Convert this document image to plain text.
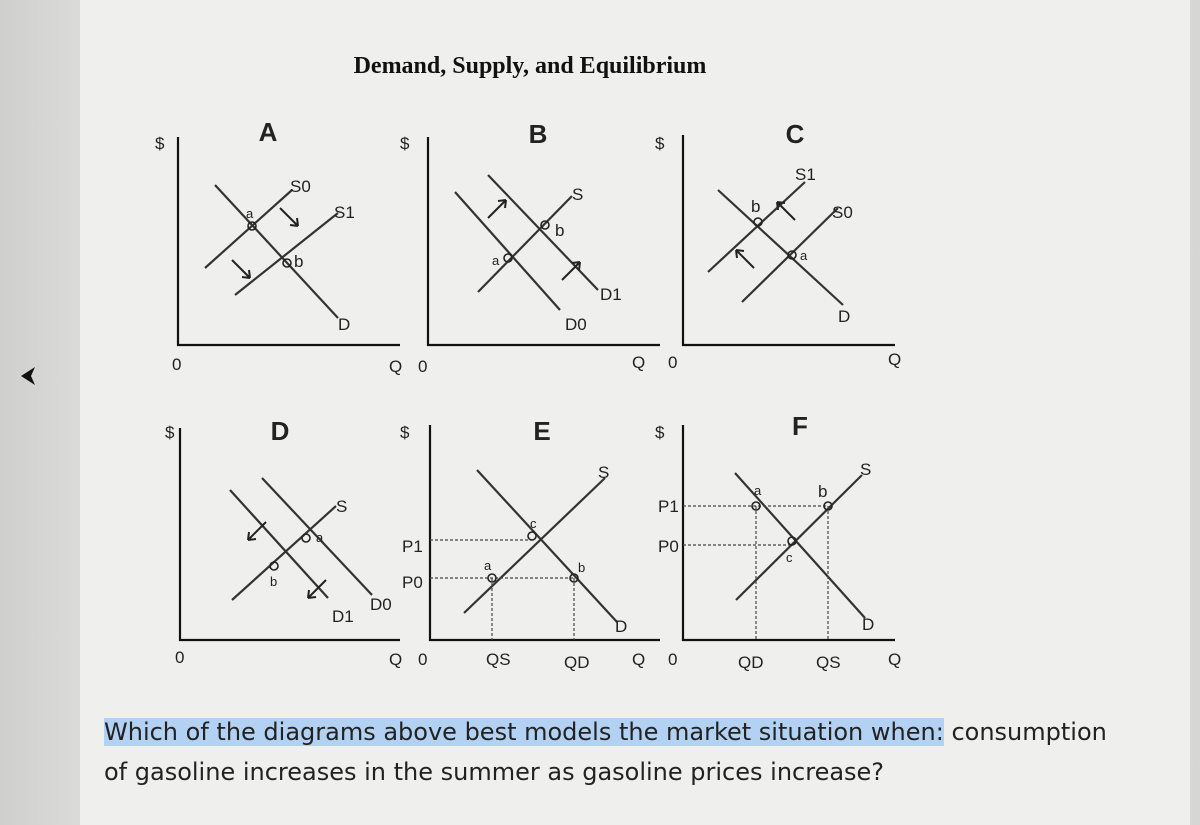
Demand, Supply, and Equilibrium
A
$
0	Q
S0
S1
D
a
b
B
$
0	Q
S
D1
D0
a
b
C
$
0	Q
S1
S0
D
b
a
D
$
0	Q
S
D1
D0
a
b
E
$
0	Q
S
D
P1
P0
QS	QD
a	b
c
F
$
0	Q
S
D
P1
P0
QD	QS
a	b
c
Which of the diagrams above best models the market situation when: consumption of gasoline increases in the summer as gasoline prices increase?
